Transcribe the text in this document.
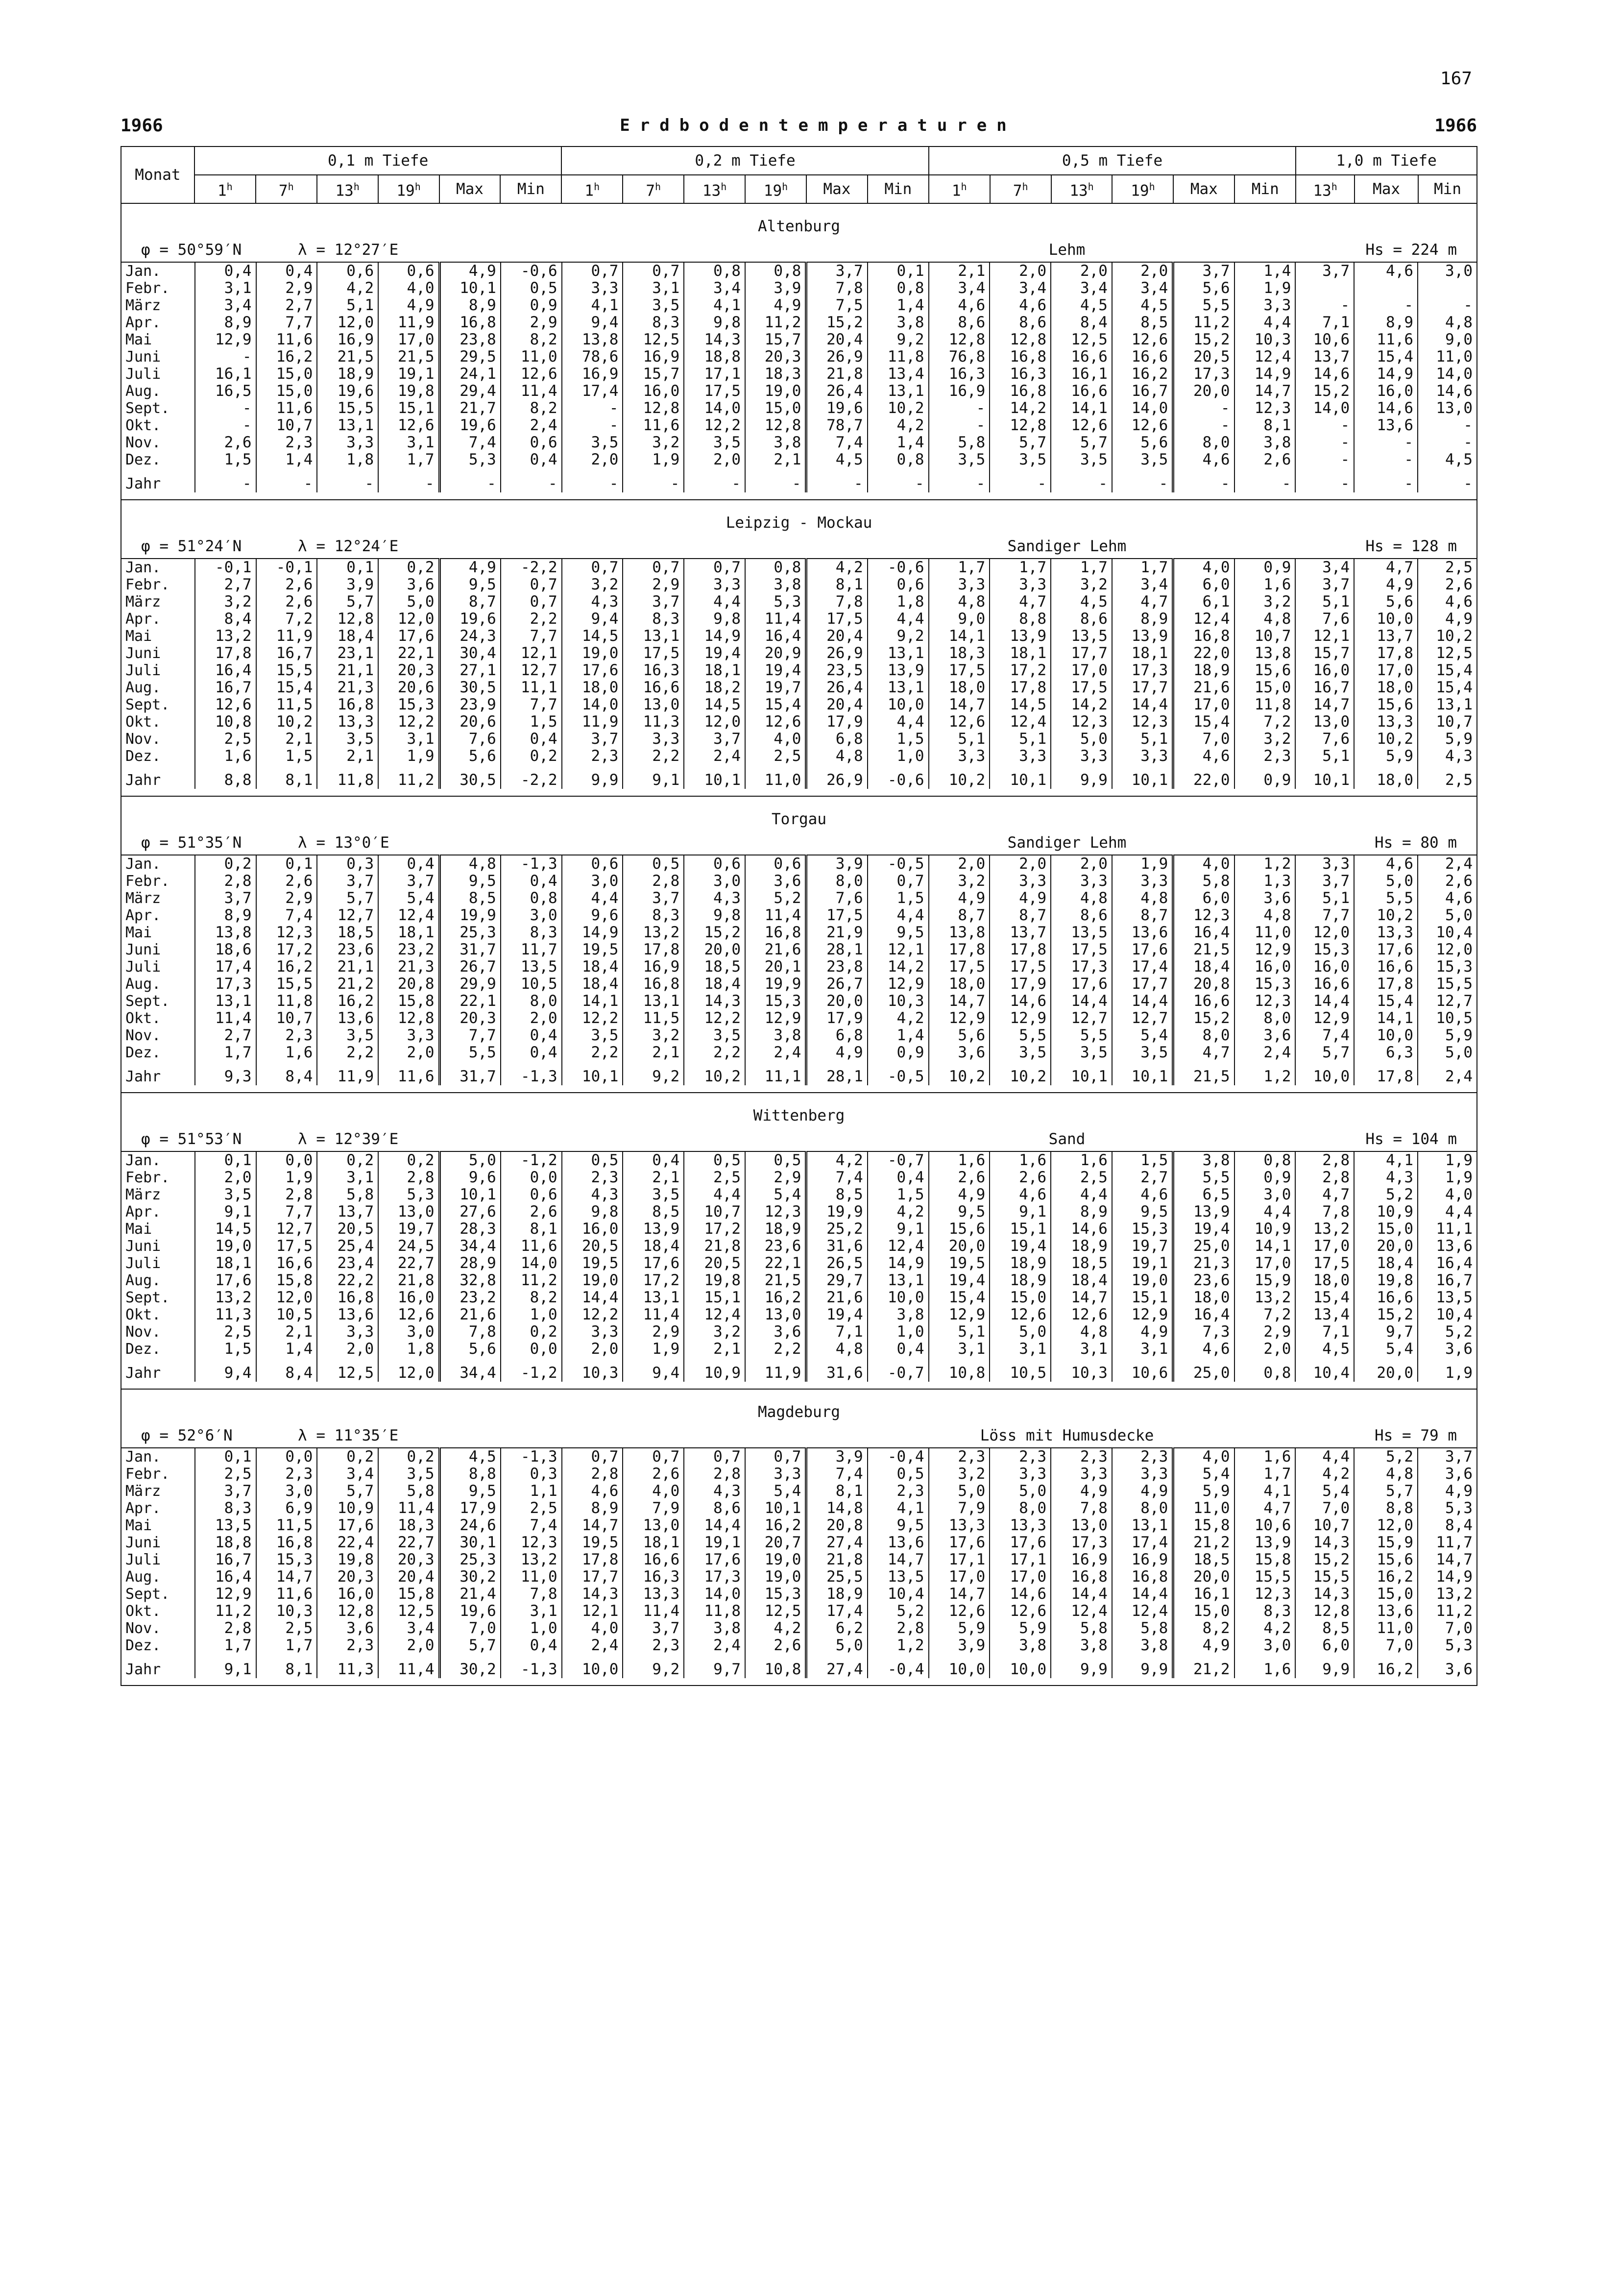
167
1966	Erdbodentemperaturen	1966
Monat	0,1 m Tiefe						0,2 m Tiefe						0,5 m Tiefe						1,0 m Tiefe		
	1$^h$	7$^h$	13$^h$	19$^h$	Max	Min	1$^h$	7$^h$	13$^h$	19$^h$	Max	Min	1$^h$	7$^h$	13$^h$	19$^h$	Max	Min	13$^h$	Max	Min
Altenburg
φ = 50°59′N	λ = 12°27′E	Lehm	Hs = 224 m
Jan.	0,4	0,4	0,6	0,6	4,9	-0,6	0,7	0,7	0,8	0,8	3,7	0,1	2,1	2,0	2,0	2,0	3,7	1,4	3,7	4,6	3,0
Febr.	3,1	2,9	4,2	4,0	10,1	0,5	3,3	3,1	3,4	3,9	7,8	0,8	3,4	3,4	3,4	3,4	5,6	1,9			
März	3,4	2,7	5,1	4,9	8,9	0,9	4,1	3,5	4,1	4,9	7,5	1,4	4,6	4,6	4,5	4,5	5,5	3,3	-	-	-
Apr.	8,9	7,7	12,0	11,9	16,8	2,9	9,4	8,3	9,8	11,2	15,2	3,8	8,6	8,6	8,4	8,5	11,2	4,4	7,1	8,9	4,8
Mai	12,9	11,6	16,9	17,0	23,8	8,2	13,8	12,5	14,3	15,7	20,4	9,2	12,8	12,8	12,5	12,6	15,2	10,3	10,6	11,6	9,0
Juni	-	16,2	21,5	21,5	29,5	11,0	78,6	16,9	18,8	20,3	26,9	11,8	76,8	16,8	16,6	16,6	20,5	12,4	13,7	15,4	11,0
Juli	16,1	15,0	18,9	19,1	24,1	12,6	16,9	15,7	17,1	18,3	21,8	13,4	16,3	16,3	16,1	16,2	17,3	14,9	14,6	14,9	14,0
Aug.	16,5	15,0	19,6	19,8	29,4	11,4	17,4	16,0	17,5	19,0	26,4	13,1	16,9	16,8	16,6	16,7	20,0	14,7	15,2	16,0	14,6
Sept.	-	11,6	15,5	15,1	21,7	8,2	-	12,8	14,0	15,0	19,6	10,2	-	14,2	14,1	14,0	-	12,3	14,0	14,6	13,0
Okt.	-	10,7	13,1	12,6	19,6	2,4	-	11,6	12,2	12,8	78,7	4,2	-	12,8	12,6	12,6	-	8,1	-	13,6	-
Nov.	2,6	2,3	3,3	3,1	7,4	0,6	3,5	3,2	3,5	3,8	7,4	1,4	5,8	5,7	5,7	5,6	8,0	3,8	-	-	-
Dez.	1,5	1,4	1,8	1,7	5,3	0,4	2,0	1,9	2,0	2,1	4,5	0,8	3,5	3,5	3,5	3,5	4,6	2,6	-	-	4,5
Jahr	-	-	-	-	-	-	-	-	-	-	-	-	-	-	-	-	-	-	-	-	-
Leipzig - Mockau
φ = 51°24′N	λ = 12°24′E	Sandiger Lehm	Hs = 128 m
Jan.	-0,1	-0,1	0,1	0,2	4,9	-2,2	0,7	0,7	0,7	0,8	4,2	-0,6	1,7	1,7	1,7	1,7	4,0	0,9	3,4	4,7	2,5
Febr.	2,7	2,6	3,9	3,6	9,5	0,7	3,2	2,9	3,3	3,8	8,1	0,6	3,3	3,3	3,2	3,4	6,0	1,6	3,7	4,9	2,6
März	3,2	2,6	5,7	5,0	8,7	0,7	4,3	3,7	4,4	5,3	7,8	1,8	4,8	4,7	4,5	4,7	6,1	3,2	5,1	5,6	4,6
Apr.	8,4	7,2	12,8	12,0	19,6	2,2	9,4	8,3	9,8	11,4	17,5	4,4	9,0	8,8	8,6	8,9	12,4	4,8	7,6	10,0	4,9
Mai	13,2	11,9	18,4	17,6	24,3	7,7	14,5	13,1	14,9	16,4	20,4	9,2	14,1	13,9	13,5	13,9	16,8	10,7	12,1	13,7	10,2
Juni	17,8	16,7	23,1	22,1	30,4	12,1	19,0	17,5	19,4	20,9	26,9	13,1	18,3	18,1	17,7	18,1	22,0	13,8	15,7	17,8	12,5
Juli	16,4	15,5	21,1	20,3	27,1	12,7	17,6	16,3	18,1	19,4	23,5	13,9	17,5	17,2	17,0	17,3	18,9	15,6	16,0	17,0	15,4
Aug.	16,7	15,4	21,3	20,6	30,5	11,1	18,0	16,6	18,2	19,7	26,4	13,1	18,0	17,8	17,5	17,7	21,6	15,0	16,7	18,0	15,4
Sept.	12,6	11,5	16,8	15,3	23,9	7,7	14,0	13,0	14,5	15,4	20,4	10,0	14,7	14,5	14,2	14,4	17,0	11,8	14,7	15,6	13,1
Okt.	10,8	10,2	13,3	12,2	20,6	1,5	11,9	11,3	12,0	12,6	17,9	4,4	12,6	12,4	12,3	12,3	15,4	7,2	13,0	13,3	10,7
Nov.	2,5	2,1	3,5	3,1	7,6	0,4	3,7	3,3	3,7	4,0	6,8	1,5	5,1	5,1	5,0	5,1	7,0	3,2	7,6	10,2	5,9
Dez.	1,6	1,5	2,1	1,9	5,6	0,2	2,3	2,2	2,4	2,5	4,8	1,0	3,3	3,3	3,3	3,3	4,6	2,3	5,1	5,9	4,3
Jahr	8,8	8,1	11,8	11,2	30,5	-2,2	9,9	9,1	10,1	11,0	26,9	-0,6	10,2	10,1	9,9	10,1	22,0	0,9	10,1	18,0	2,5
Torgau
φ = 51°35′N	λ = 13°0′E	Sandiger Lehm	Hs = 80 m
Jan.	0,2	0,1	0,3	0,4	4,8	-1,3	0,6	0,5	0,6	0,6	3,9	-0,5	2,0	2,0	2,0	1,9	4,0	1,2	3,3	4,6	2,4
Febr.	2,8	2,6	3,7	3,7	9,5	0,4	3,0	2,8	3,0	3,6	8,0	0,7	3,2	3,3	3,3	3,3	5,8	1,3	3,7	5,0	2,6
März	3,7	2,9	5,7	5,4	8,5	0,8	4,4	3,7	4,3	5,2	7,6	1,5	4,9	4,9	4,8	4,8	6,0	3,6	5,1	5,5	4,6
Apr.	8,9	7,4	12,7	12,4	19,9	3,0	9,6	8,3	9,8	11,4	17,5	4,4	8,7	8,7	8,6	8,7	12,3	4,8	7,7	10,2	5,0
Mai	13,8	12,3	18,5	18,1	25,3	8,3	14,9	13,2	15,2	16,8	21,9	9,5	13,8	13,7	13,5	13,6	16,4	11,0	12,0	13,3	10,4
Juni	18,6	17,2	23,6	23,2	31,7	11,7	19,5	17,8	20,0	21,6	28,1	12,1	17,8	17,8	17,5	17,6	21,5	12,9	15,3	17,6	12,0
Juli	17,4	16,2	21,1	21,3	26,7	13,5	18,4	16,9	18,5	20,1	23,8	14,2	17,5	17,5	17,3	17,4	18,4	16,0	16,0	16,6	15,3
Aug.	17,3	15,5	21,2	20,8	29,9	10,5	18,4	16,8	18,4	19,9	26,7	12,9	18,0	17,9	17,6	17,7	20,8	15,3	16,6	17,8	15,5
Sept.	13,1	11,8	16,2	15,8	22,1	8,0	14,1	13,1	14,3	15,3	20,0	10,3	14,7	14,6	14,4	14,4	16,6	12,3	14,4	15,4	12,7
Okt.	11,4	10,7	13,6	12,8	20,3	2,0	12,2	11,5	12,2	12,9	17,9	4,2	12,9	12,9	12,7	12,7	15,2	8,0	12,9	14,1	10,5
Nov.	2,7	2,3	3,5	3,3	7,7	0,4	3,5	3,2	3,5	3,8	6,8	1,4	5,6	5,5	5,5	5,4	8,0	3,6	7,4	10,0	5,9
Dez.	1,7	1,6	2,2	2,0	5,5	0,4	2,2	2,1	2,2	2,4	4,9	0,9	3,6	3,5	3,5	3,5	4,7	2,4	5,7	6,3	5,0
Jahr	9,3	8,4	11,9	11,6	31,7	-1,3	10,1	9,2	10,2	11,1	28,1	-0,5	10,2	10,2	10,1	10,1	21,5	1,2	10,0	17,8	2,4
Wittenberg
φ = 51°53′N	λ = 12°39′E	Sand	Hs = 104 m
Jan.	0,1	0,0	0,2	0,2	5,0	-1,2	0,5	0,4	0,5	0,5	4,2	-0,7	1,6	1,6	1,6	1,5	3,8	0,8	2,8	4,1	1,9
Febr.	2,0	1,9	3,1	2,8	9,6	0,0	2,3	2,1	2,5	2,9	7,4	0,4	2,6	2,6	2,5	2,7	5,5	0,9	2,8	4,3	1,9
März	3,5	2,8	5,8	5,3	10,1	0,6	4,3	3,5	4,4	5,4	8,5	1,5	4,9	4,6	4,4	4,6	6,5	3,0	4,7	5,2	4,0
Apr.	9,1	7,7	13,7	13,0	27,6	2,6	9,8	8,5	10,7	12,3	19,9	4,2	9,5	9,1	8,9	9,5	13,9	4,4	7,8	10,9	4,4
Mai	14,5	12,7	20,5	19,7	28,3	8,1	16,0	13,9	17,2	18,9	25,2	9,1	15,6	15,1	14,6	15,3	19,4	10,9	13,2	15,0	11,1
Juni	19,0	17,5	25,4	24,5	34,4	11,6	20,5	18,4	21,8	23,6	31,6	12,4	20,0	19,4	18,9	19,7	25,0	14,1	17,0	20,0	13,6
Juli	18,1	16,6	23,4	22,7	28,9	14,0	19,5	17,6	20,5	22,1	26,5	14,9	19,5	18,9	18,5	19,1	21,3	17,0	17,5	18,4	16,4
Aug.	17,6	15,8	22,2	21,8	32,8	11,2	19,0	17,2	19,8	21,5	29,7	13,1	19,4	18,9	18,4	19,0	23,6	15,9	18,0	19,8	16,7
Sept.	13,2	12,0	16,8	16,0	23,2	8,2	14,4	13,1	15,1	16,2	21,6	10,0	15,4	15,0	14,7	15,1	18,0	13,2	15,4	16,6	13,5
Okt.	11,3	10,5	13,6	12,6	21,6	1,0	12,2	11,4	12,4	13,0	19,4	3,8	12,9	12,6	12,6	12,9	16,4	7,2	13,4	15,2	10,4
Nov.	2,5	2,1	3,3	3,0	7,8	0,2	3,3	2,9	3,2	3,6	7,1	1,0	5,1	5,0	4,8	4,9	7,3	2,9	7,1	9,7	5,2
Dez.	1,5	1,4	2,0	1,8	5,6	0,0	2,0	1,9	2,1	2,2	4,8	0,4	3,1	3,1	3,1	3,1	4,6	2,0	4,5	5,4	3,6
Jahr	9,4	8,4	12,5	12,0	34,4	-1,2	10,3	9,4	10,9	11,9	31,6	-0,7	10,8	10,5	10,3	10,6	25,0	0,8	10,4	20,0	1,9
Magdeburg
φ = 52°6′N	λ = 11°35′E	Löss mit Humusdecke	Hs = 79 m
Jan.	0,1	0,0	0,2	0,2	4,5	-1,3	0,7	0,7	0,7	0,7	3,9	-0,4	2,3	2,3	2,3	2,3	4,0	1,6	4,4	5,2	3,7
Febr.	2,5	2,3	3,4	3,5	8,8	0,3	2,8	2,6	2,8	3,3	7,4	0,5	3,2	3,3	3,3	3,3	5,4	1,7	4,2	4,8	3,6
März	3,7	3,0	5,7	5,8	9,5	1,1	4,6	4,0	4,3	5,4	8,1	2,3	5,0	5,0	4,9	4,9	5,9	4,1	5,4	5,7	4,9
Apr.	8,3	6,9	10,9	11,4	17,9	2,5	8,9	7,9	8,6	10,1	14,8	4,1	7,9	8,0	7,8	8,0	11,0	4,7	7,0	8,8	5,3
Mai	13,5	11,5	17,6	18,3	24,6	7,4	14,7	13,0	14,4	16,2	20,8	9,5	13,3	13,3	13,0	13,1	15,8	10,6	10,7	12,0	8,4
Juni	18,8	16,8	22,4	22,7	30,1	12,3	19,5	18,1	19,1	20,7	27,4	13,6	17,6	17,6	17,3	17,4	21,2	13,9	14,3	15,9	11,7
Juli	16,7	15,3	19,8	20,3	25,3	13,2	17,8	16,6	17,6	19,0	21,8	14,7	17,1	17,1	16,9	16,9	18,5	15,8	15,2	15,6	14,7
Aug.	16,4	14,7	20,3	20,4	30,2	11,0	17,7	16,3	17,3	19,0	25,5	13,5	17,0	17,0	16,8	16,8	20,0	15,5	15,5	16,2	14,9
Sept.	12,9	11,6	16,0	15,8	21,4	7,8	14,3	13,3	14,0	15,3	18,9	10,4	14,7	14,6	14,4	14,4	16,1	12,3	14,3	15,0	13,2
Okt.	11,2	10,3	12,8	12,5	19,6	3,1	12,1	11,4	11,8	12,5	17,4	5,2	12,6	12,6	12,4	12,4	15,0	8,3	12,8	13,6	11,2
Nov.	2,8	2,5	3,6	3,4	7,0	1,0	4,0	3,7	3,8	4,2	6,2	2,8	5,9	5,9	5,8	5,8	8,2	4,2	8,5	11,0	7,0
Dez.	1,7	1,7	2,3	2,0	5,7	0,4	2,4	2,3	2,4	2,6	5,0	1,2	3,9	3,8	3,8	3,8	4,9	3,0	6,0	7,0	5,3
Jahr	9,1	8,1	11,3	11,4	30,2	-1,3	10,0	9,2	9,7	10,8	27,4	-0,4	10,0	10,0	9,9	9,9	21,2	1,6	9,9	16,2	3,6
